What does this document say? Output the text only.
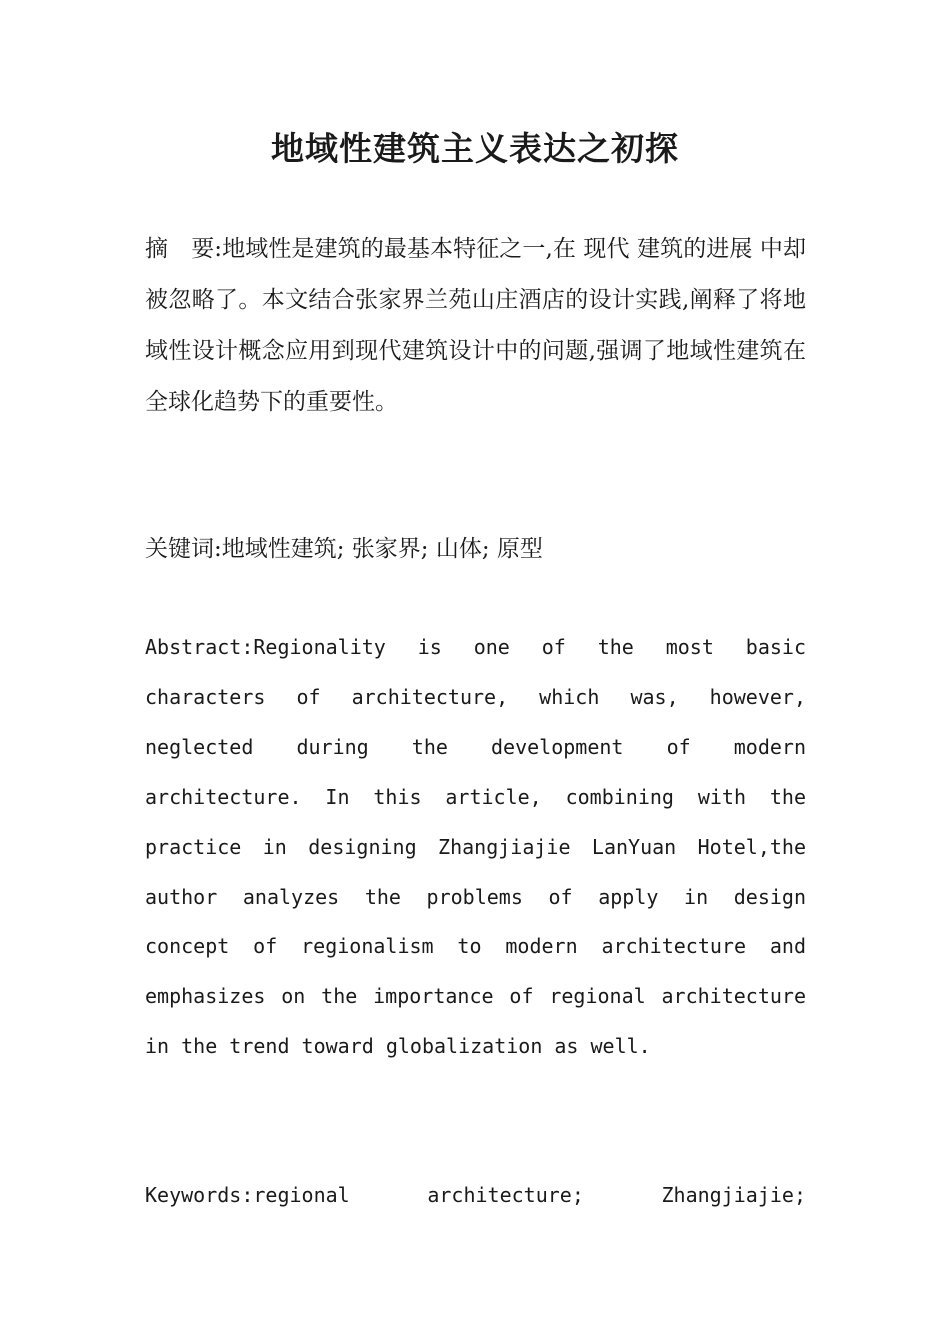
地域性建筑主义表达之初探

摘　要:地域性是建筑的最基本特征之一,在 现代 建筑的进展 中却被忽略了。本文结合张家界兰苑山庄酒店的设计实践,阐释了将地域性设计概念应用到现代建筑设计中的问题,强调了地域性建筑在全球化趋势下的重要性。

关键词:地域性建筑; 张家界; 山体; 原型

Abstract:Regionality is one of the most basic characters of architecture, which was, however, neglected during the development of modern architecture. In this article, combining with the practice in designing Zhangjiajie LanYuan Hotel,the author analyzes the problems of apply in design concept of regionalism to modern architecture and emphasizes on the importance of regional architecture in the trend toward globalization as well.

Keywords:regional architecture; Zhangjiajie;
